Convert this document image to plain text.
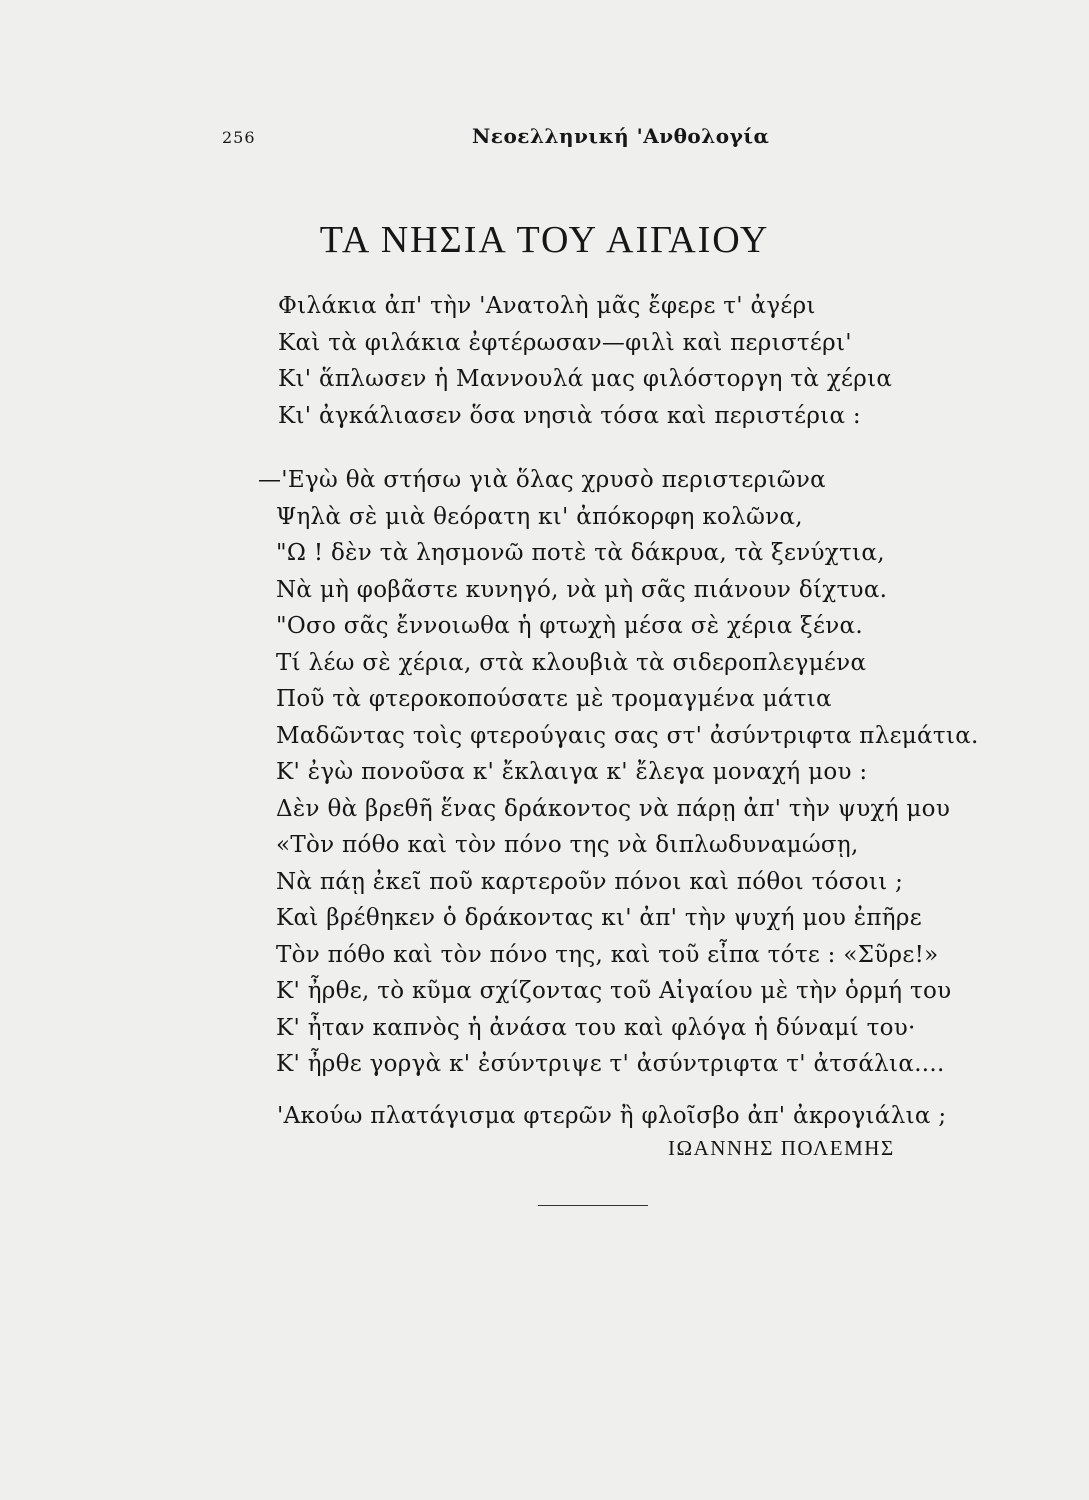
256	Νεοελληνική 'Ανθολογία
ΤΑ ΝΗΣΙΑ ΤΟΥ ΑΙΓΑΙΟΥ
Φιλάκια ἀπ' τὴν 'Ανατολὴ μᾶς ἔφερε τ' ἀγέρι
Καὶ τὰ φιλάκια ἐφτέρωσαν—φιλὶ καὶ περιστέρι'
Κι' ἅπλωσεν ἡ Μαννουλά μας φιλόστοργη τὰ χέρια
Κι' ἀγκάλιασεν ὅσα νησιὰ τόσα καὶ περιστέρια :
—'Εγὼ θὰ στήσω γιὰ ὅλας χρυσὸ περιστεριῶνα
Ψηλὰ σὲ μιὰ θεόρατη κι' ἀπόκορφη κολῶνα,
"Ω ! δὲν τὰ λησμονῶ ποτὲ τὰ δάκρυα, τὰ ξενύχτια,
Νὰ μὴ φοβᾶστε κυνηγό, νὰ μὴ σᾶς πιάνουν δίχτυα.
"Οσο σᾶς ἔννοιωθα ἡ φτωχὴ μέσα σὲ χέρια ξένα.
Τί λέω σὲ χέρια, στὰ κλουβιὰ τὰ σιδεροπλεγμένα
Ποῦ τὰ φτεροκοπούσατε μὲ τρομαγμένα μάτια
Μαδῶντας τοὶς φτερούγαις σας στ' ἀσύντριφτα πλεμάτια.
Κ' ἐγὼ πονοῦσα κ' ἔκλαιγα κ' ἔλεγα μοναχή μου :
Δὲν θὰ βρεθῆ ἕνας δράκοντος νὰ πάρῃ ἀπ' τὴν ψυχή μου
«Τὸν πόθο καὶ τὸν πόνο της νὰ διπλωδυναμώσῃ,
Νὰ πάῃ ἐκεῖ ποῦ καρτεροῦν πόνοι καὶ πόθοι τόσοιι ;
Καὶ βρέθηκεν ὁ δράκοντας κι' ἀπ' τὴν ψυχή μου ἐπῆρε
Τὸν πόθο καὶ τὸν πόνο της, καὶ τοῦ εἶπα τότε : «Σῦρε!»
Κ' ἦρθε, τὸ κῦμα σχίζοντας τοῦ Αἰγαίου μὲ τὴν ὁρμή του
Κ' ἦταν καπνὸς ἡ ἀνάσα του καὶ φλόγα ἡ δύναμί του·
Κ' ἦρθε γοργὰ κ' ἐσύντριψε τ' ἀσύντριφτα τ' ἀτσάλια....
'Ακούω πλατάγισμα φτερῶν ἢ φλοῖσβο ἀπ' ἀκρογιάλια ;
ΙΩΑΝΝΗΣ ΠΟΛΕΜΗΣ
